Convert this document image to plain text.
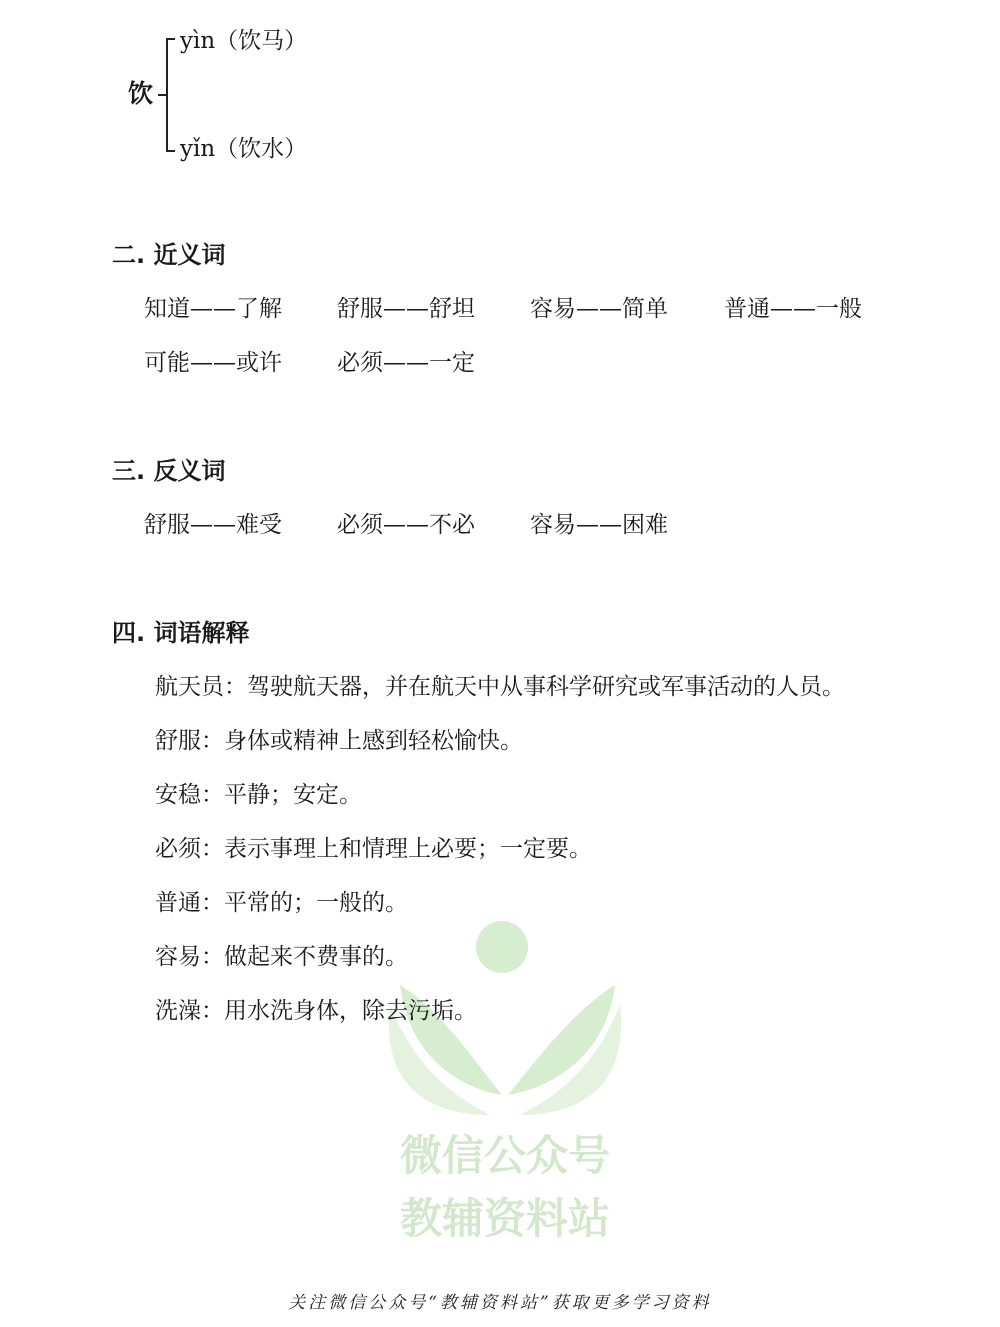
饮
yìn（饮马）
yǐn（饮水）
二. 近义词
知道——了解 舒服——舒坦 容易——简单 普通——一般
可能——或许 必须——一定
三. 反义词
舒服——难受 必须——不必 容易——困难
微信公众号
教辅资料站
四. 词语解释
航天员：驾驶航天器，并在航天中从事科学研究或军事活动的人员。
舒服：身体或精神上感到轻松愉快。
安稳：平静；安定。
必须：表示事理上和情理上必要；一定要。
普通：平常的；一般的。
容易：做起来不费事的。
洗澡：用水洗身体，除去污垢。
关注微信公众号“教辅资料站”获取更多学习资料
